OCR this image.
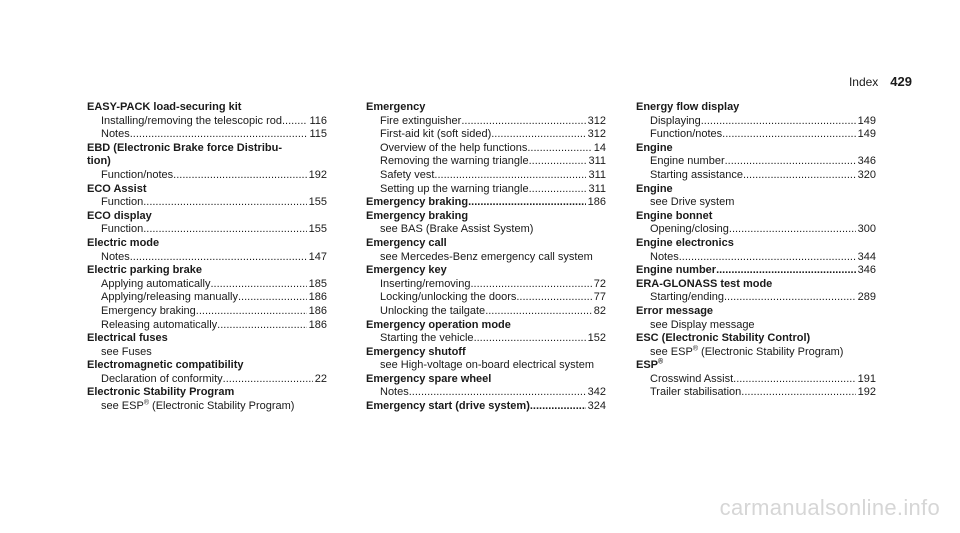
Index 429
EASY-PACK load-securing kit
Installing/removing the telescopic rod.. ..... 116
Notes .....	115
EBD (Electronic Brake force Distribu-
tion)
Function/notes .....	192
ECO Assist
Function .....	155
ECO display
Function .....	155
Electric mode
Notes .....	147
Electric parking brake
Applying automatically .....	185
Applying/releasing manually .....	186
Emergency braking .....	186
Releasing automatically .....	186
Electrical fuses
see Fuses
Electromagnetic compatibility
Declaration of conformity .....	22
Electronic Stability Program
see ESP® (Electronic Stability Program)
Emergency
Fire extinguisher .....	312
First-aid kit (soft sided) .....	312
Overview of the help functions .....	14
Removing the warning triangle .....	311
Safety vest .....	311
Setting up the warning triangle .....	311
Emergency braking .....	186
Emergency braking
see BAS (Brake Assist System)
Emergency call
see Mercedes-Benz emergency call system
Emergency key
Inserting/removing .....	72
Locking/unlocking the doors .....	77
Unlocking the tailgate .....	82
Emergency operation mode
Starting the vehicle .....	152
Emergency shutoff
see High-voltage on-board electrical system
Emergency spare wheel
Notes .....	342
Emergency start (drive system) .....	324
Energy flow display
Displaying .....	149
Function/notes .....	149
Engine
Engine number .....	346
Starting assistance .....	320
Engine
see Drive system
Engine bonnet
Opening/closing .....	300
Engine electronics
Notes .....	344
Engine number .....	346
ERA-GLONASS test mode
Starting/ending .....	289
Error message
see Display message
ESC (Electronic Stability Control)
see ESP® (Electronic Stability Program)
ESP®
Crosswind Assist .....	191
Trailer stabilisation .....	192
carmanualsonline.info
